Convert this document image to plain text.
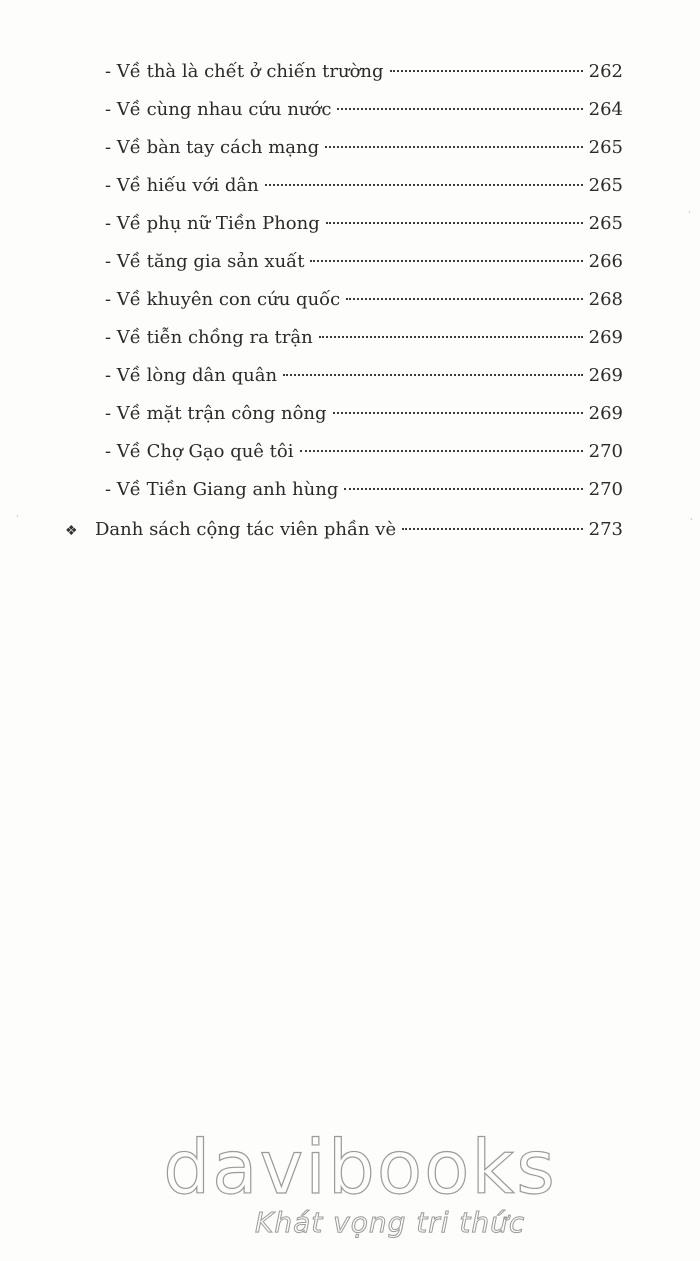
- Về thà là chết ở chiến trường	262
- Về cùng nhau cứu nước	264
- Về bàn tay cách mạng	265
- Về hiếu với dân	265
- Về phụ nữ Tiền Phong	265
- Về tăng gia sản xuất	266
- Về khuyên con cứu quốc	268
- Về tiễn chồng ra trận	269
- Về lòng dân quân	269
- Về mặt trận công nông	269
- Về Chợ Gạo quê tôi	270
- Về Tiền Giang anh hùng	270
❖ Danh sách cộng tác viên phần vè	273
·
·
·
davibooks
Khát vọng tri thức
